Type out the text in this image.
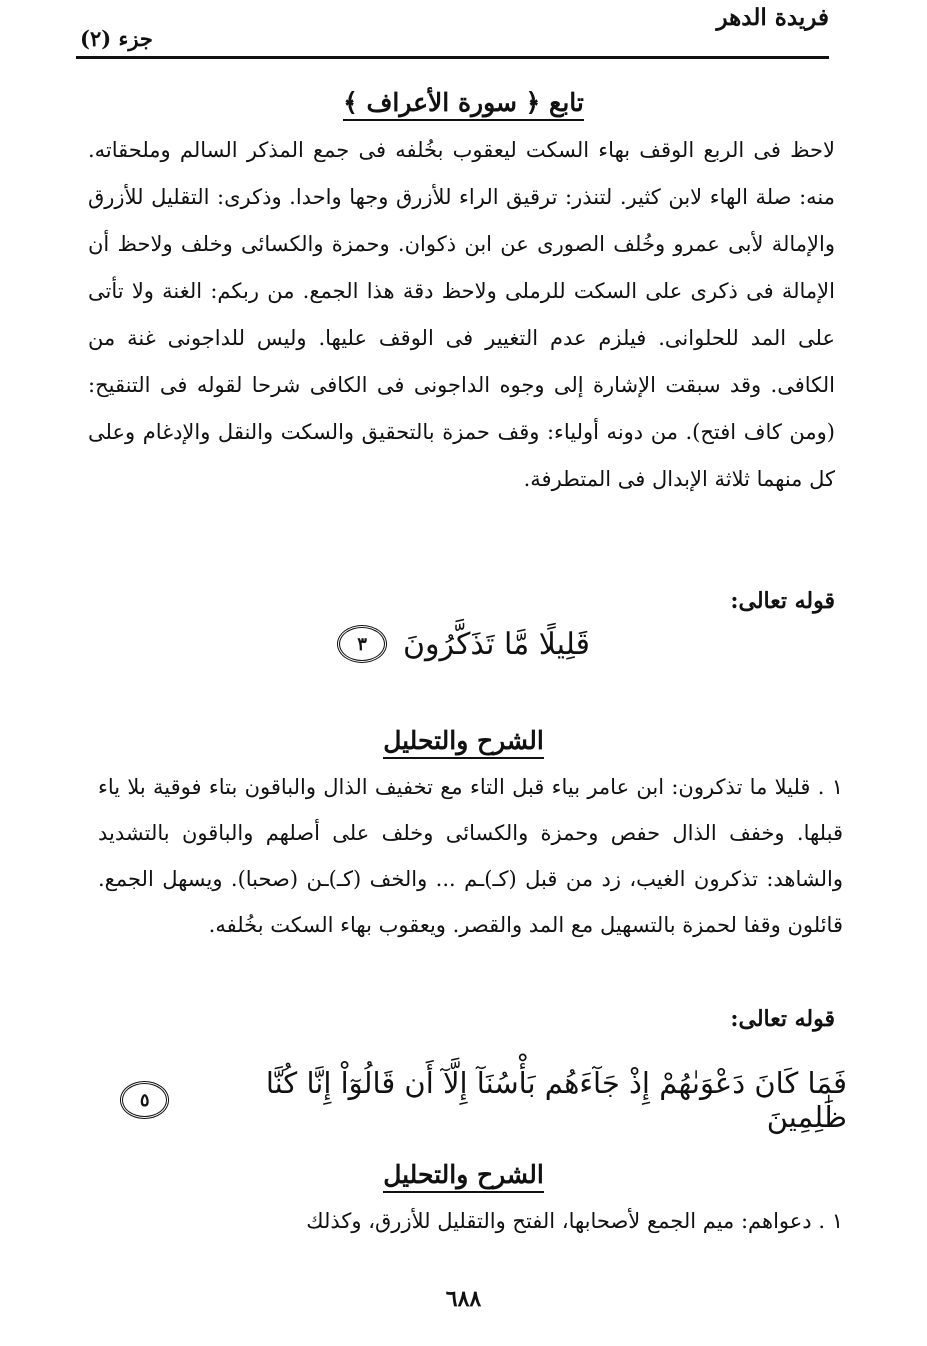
فريدة الدهر
جزء (٢)
تابع ﴿ سورة الأعراف ﴾
لاحظ فى الربع الوقف بهاء السكت ليعقوب بخُلفه فى جمع المذكر السالم وملحقاته. منه: صلة الهاء لابن كثير. لتنذر: ترقيق الراء للأزرق وجها واحدا. وذكرى: التقليل للأزرق والإمالة لأبى عمرو وخُلف الصورى عن ابن ذكوان. وحمزة والكسائى وخلف ولاحظ أن الإمالة فى ذكرى على السكت للرملى ولاحظ دقة هذا الجمع. من ربكم: الغنة ولا تأتى على المد للحلوانى. فيلزم عدم التغيير فى الوقف عليها. وليس للداجونى غنة من الكافى. وقد سبقت الإشارة إلى وجوه الداجونى فى الكافى شرحا لقوله فى التنقيح: (ومن كاف افتح). من دونه أولياء: وقف حمزة بالتحقيق والسكت والنقل والإدغام وعلى كل منهما ثلاثة الإبدال فى المتطرفة.
قوله تعالى:
قَلِيلًا مَّا تَذَكَّرُونَ
٣
الشرح والتحليل
١ . قليلا ما تذكرون: ابن عامر بياء قبل التاء مع تخفيف الذال والباقون بتاء فوقية بلا ياء قبلها. وخفف الذال حفص وحمزة والكسائى وخلف على أصلهم والباقون بالتشديد والشاهد: تذكرون الغيب، زد من قبل (كـ)ـم ... والخف (كـ)ـن (صحبا). ويسهل الجمع. قائلون وقفا لحمزة بالتسهيل مع المد والقصر. ويعقوب بهاء السكت بخُلفه.
قوله تعالى:
فَمَا كَانَ دَعْوَىٰهُمْ إِذْ جَآءَهُم بَأْسُنَآ إِلَّآ أَن قَالُوٓاْ إِنَّا كُنَّا ظَٰلِمِينَ
٥
الشرح والتحليل
١ . دعواهم: ميم الجمع لأصحابها، الفتح والتقليل للأزرق، وكذلك
٦٨٨
